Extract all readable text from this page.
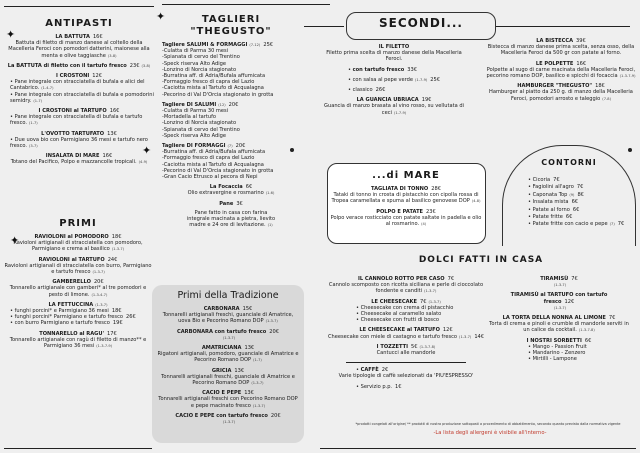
✦
✦
✦
✦
ANTIPASTI
LA BATTUTA 16€
Battuta di filetto di manzo danese al coltello della Macelleria Feroci con pomodori datterini, maionese alla menta e olive taggiasche (3-8)
La BATTUTA di filetto con il tartufo fresco 23€ (3-8)
I CROSTONI 12€
• Pane integrale con stracciatella di bufala e alici del Cantabrico. (1-4-7)
• Pane integrale con stracciatella di bufala e pomodorini semidry. (1-7)
I CROSTONI al TARTUFO 16€
• Pane integrale con stracciatella di bufala e tartufo fresco. (1-7)
L'OVOTTO TARTUFATO 13€
• Due uova bio con Parmigiano 36 mesi e tartufo nero fresco. (3-7)
INSALATA DI MARE 16€
Totano del Pacifico, Polpo e mazzancolle tropicali. (4-9)
PRIMI
RAVIOLONI al POMODORO 18€
Ravioloni artigianali di stracciatella con pomodoro, Parmigiano e crema al basilico (1-3-7)
RAVIOLONI al TARTUFO 24€
Ravioloni artigianali di stracciatella con burro, Parmigiano e tartufo fresco (1-3-7)
GAMBERELLO 20€
Tonnarello artigianale con gamberi* al tre pomodori e pesto di limone. (1-3-4-7)
LA FETTUCCINA (1-3-7)
• funghi porcini* e Parmigiano 36 mesi 18€
• funghi porcini* Parmigiano e tartufo fresco 26€
• con burro Parmigiano e tartufo fresco 19€
TONNARELLO al RAGU' 17€
Tonnarello artigianale con ragù di filetto di manzo** e Parmigiano 36 mesi (1-3-7-9)
TAGLIERI "THEGUSTO"
Tagliere SALUMI & FORMAGGI (7-12) 25€
-Culatta di Parma 30 mesi
-Spianata di cervo del Trentino
-Speck riserva Alto Adige
-Lonzino di Norcia stagionato
-Burratina aff. di Adria/Bufala affumicata
-Formaggio fresco di capra del Lazio
-Caciotta mista al Tartufo di Acqualagna
-Pecorino di Val D'Orcia stagionato in grotta
Tagliere DI SALUMI (12) 20€
-Culatta di Parma 30 mesi
-Mortadella al tartufo
-Lonzino di Norcia stagionato
-Spianata di cervo del Trentino
-Speck riserva Alto Adige
Tagliere DI FORMAGGI (7) 20€
-Burratina aff. di Adria/Bufala affumicata
-Formaggio fresco di capra del Lazio
-Caciotta mista al Tartufo di Acqualagna
-Pecorino di Val D'Orcia stagionato in grotta
-Gran Cacio Etrusco al pecora di Nepi
La Focaccia 6€
Olio extravergine e rosmarino (1-6)
Pane 3€
Pane fatto in casa con farina integrale macinata a pietra, lievito madre e 24 ore di levitazione. (1)
Primi della Tradizione
CARBONARA 15€
Tonnarelli artigianali freschi, guanciale di Amatrice, uova Bio e Pecorino Romano DOP (1-3-7)
CARBONARA con tartufo fresco 20€
(1-3-7)
AMATRICIANA 13€
Rigatoni artigianali, pomodoro, guanciale di Amatrice e Pecorino Romano DOP (1-7)
GRICIA 13€
Tonnarelli artigianali freschi, guanciale di Amatrice e Pecorino Romano DOP (1-3-7)
CACIO E PEPE 13€
Tonnarelli artigianali freschi con Pecorino Romano DOP e pepe macinato fresco (1-3-7)
CACIO E PEPE con tartufo fresco 20€
(1-3-7)
SECONDI...
IL FILETTO
Filetto prima scelta di manzo danese della Macelleria Feroci.
• con tartufo fresco 33€
• con salsa al pepe verde (1-7-9) 25€
• classico 26€
LA GUANCIA UBRIACA 19€
Guancia di manzo brasata al vino rosso, su vellutata di ceci (1-7-9)
LA BISTECCA 39€
Bistecca di manzo danese prima scelta, senza osso, della Macelleria Feroci da 500 gr con patate al forno.
LE POLPETTE 16€
Polpette al sugo di carne macinata della Macelleria Feroci, pecorino romano DOP, basilico e spicchi di focaccia (1-3-7-9)
HAMBURGER "THEGUSTO" 18€
Hamburger al piatto da 250 g. di manzo della Macelleria Feroci, pomodori arrosto e taleggio (7-8)
...di MARE
TAGLIATA DI TONNO 28€
Tataki di tonno in crosta di pistacchio con cipolla rossa di Tropea caramellata e spuma al basilico genovese DOP (4-8)
POLPO E PATATE 23€
Polpo verace rosticciato con patate saltate in padella e olio al rosmarino. (4)
CONTORNI
• Cicoria 7€
• Fagiolini all'agro 7€
• Caponata Top (9) 8€
• Insalata mista 6€
• Patate al forno 6€
• Patate fritte 6€
• Patate fritte con cacio e pepe (7) 7€
DOLCI FATTI IN CASA
IL CANNOLO ROTTO PER CASO 7€
Cannolo scomposto con ricotta siciliana e perle di cioccolato fondente e canditi (1-3-7)
LE CHEESECAKE 7€ (1-3-7)
• Cheesecake con crema di pistacchio
• Cheesecake al caramello salato
• Cheesecake con frutti di bosco
LE CHEESECAKE al TARTUFO 12€
Cheesecake con miele di castagno e tartufo fresco (1-3-7) 14€
I TOZZETTI 5€ (1-3-7-8)
Cantucci alle mandorle
• CAFFÈ 2€
Varie tipologie di caffè selezionati da 'PIU'ESPRESSO'
• Servizio p.p. 1€
TIRAMISÙ 7€
(1-3-7)
TIRAMISÙ al TARTUFO con tartufo fresco 12€
(1-3-7)
LA TORTA DELLA NONNA AL LIMONE 7€
Torta di crema e pinoli e crumble di mandorle serviti in un calice da cocktail. (1-3-7-8)
I NOSTRI SORBETTI 6€
• Mango - Passion Fruit
• Mandarino - Zenzero
• Mirtilli - Lampone
*prodotti congelati all'origine/ ** prodotti di nostra produzione sottoposti a procedimento di abbattimento, secondo quanto previsto dalla normativa vigente
-La lista degli allergeni è visibile all'interno-
